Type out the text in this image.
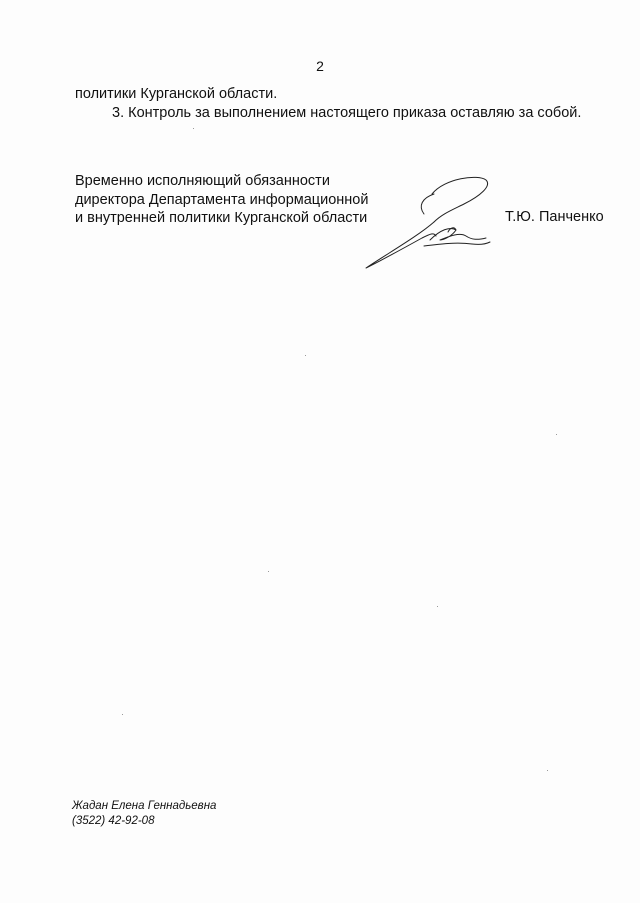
2
политики Курганской области.
3. Контроль за выполнением настоящего приказа оставляю за собой.
Временно исполняющий обязанности
директора Департамента информационной
и внутренней политики Курганской области	Т.Ю. Панченко
Жадан Елена Геннадьевна
(3522) 42-92-08
